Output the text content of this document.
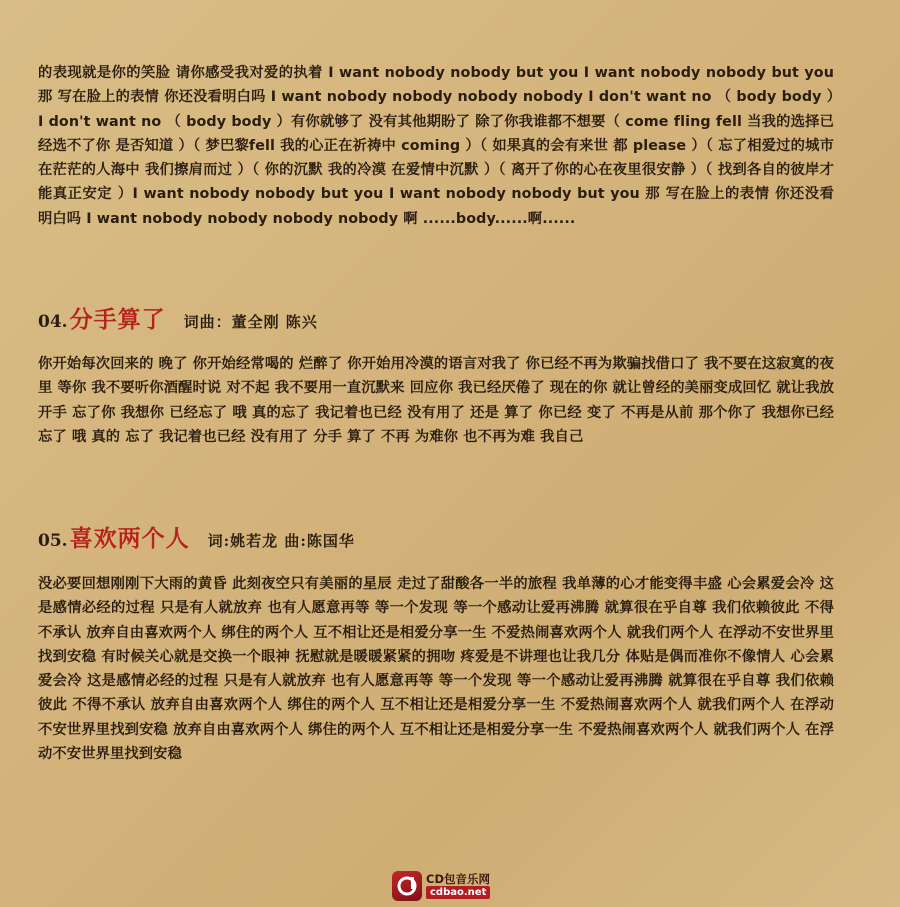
的表现就是你的笑脸 请你感受我对爱的执着 I want nobody nobody but you I want nobody nobody but you 那 写在脸上的表情 你还没看明白吗 I want nobody nobody nobody nobody I don't want no （ body body ）I don't want no （ body body ）有你就够了 没有其他期盼了 除了你我谁都不想要（ come fling fell 当我的选择已经选不了你 是否知道 ）（ 梦巴黎fell 我的心正在祈祷中 coming ）（ 如果真的会有来世 都 please ）（ 忘了相爱过的城市 在茫茫的人海中 我们擦肩而过 ）（ 你的沉默 我的冷漠 在爱情中沉默 ）（ 离开了你的心在夜里很安静 ）（ 找到各自的彼岸才能真正安定 ）I want nobody nobody but you I want nobody nobody but you 那 写在脸上的表情 你还没看明白吗 I want nobody nobody nobody nobody 啊 ......body......啊......
04. 分手算了 词曲：董全刚 陈兴
你开始每次回来的 晚了 你开始经常喝的 烂醉了 你开始用冷漠的语言对我了 你已经不再为欺骗找借口了 我不要在这寂寞的夜里 等你 我不要听你酒醒时说 对不起 我不要用一直沉默来 回应你 我已经厌倦了 现在的你 就让曾经的美丽变成回忆 就让我放开手 忘了你 我想你 已经忘了 哦 真的忘了 我记着也已经 没有用了 还是 算了 你已经 变了 不再是从前 那个你了 我想你已经 忘了 哦 真的 忘了 我记着也已经 没有用了 分手 算了 不再 为难你 也不再为难 我自己
05. 喜欢两个人 词:姚若龙 曲:陈国华
没必要回想刚刚下大雨的黄昏 此刻夜空只有美丽的星辰 走过了甜酸各一半的旅程 我单薄的心才能变得丰盛 心会累爱会冷 这是感情必经的过程 只是有人就放弃 也有人愿意再等 等一个发现 等一个感动让爱再沸腾 就算很在乎自尊 我们依赖彼此 不得不承认 放弃自由喜欢两个人 绑住的两个人 互不相让还是相爱分享一生 不爱热闹喜欢两个人 就我们两个人 在浮动不安世界里找到安稳 有时候关心就是交换一个眼神 抚慰就是暖暖紧紧的拥吻 疼爱是不讲理也让我几分 体贴是偶而准你不像情人 心会累爱会冷 这是感情必经的过程 只是有人就放弃 也有人愿意再等 等一个发现 等一个感动让爱再沸腾 就算很在乎自尊 我们依赖彼此 不得不承认 放弃自由喜欢两个人 绑住的两个人 互不相让还是相爱分享一生 不爱热闹喜欢两个人 就我们两个人 在浮动不安世界里找到安稳 放弃自由喜欢两个人 绑住的两个人 互不相让还是相爱分享一生 不爱热闹喜欢两个人 就我们两个人 在浮动不安世界里找到安稳
CD包音乐网
cdbao.net
